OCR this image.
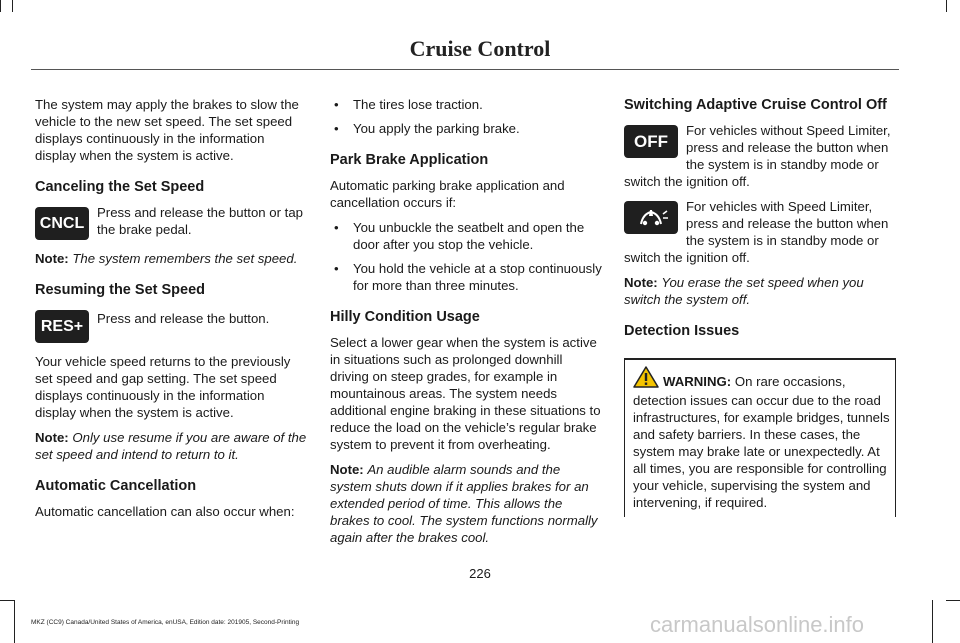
Cruise Control

The system may apply the brakes to slow the vehicle to the new set speed. The set speed displays continuously in the information display when the system is active.

Canceling the Set Speed
CNCL

Press and release the button or tap the brake pedal.

Note: The system remembers the set speed.

Resuming the Set Speed
RES+	Press and release the button.

Your vehicle speed returns to the previously set speed and gap setting. The set speed displays continuously in the information display when the system is active.

Note: Only use resume if you are aware of the set speed and intend to return to it.

Automatic Cancellation

Automatic cancellation can also occur when:

• The tires lose traction.
• You apply the parking brake.
Park Brake Application

Automatic parking brake application and cancellation occurs if:

• You unbuckle the seatbelt and open the door after you stop the vehicle.
• You hold the vehicle at a stop continuously for more than three minutes.
Hilly Condition Usage

Select a lower gear when the system is active in situations such as prolonged downhill driving on steep grades, for example in mountainous areas. The system needs additional engine braking in these situations to reduce the load on the vehicle’s regular brake system to prevent it from overheating.

Note: An audible alarm sounds and the system shuts down if it applies brakes for an extended period of time. This allows the brakes to cool. The system functions normally again after the brakes cool.

Switching Adaptive Cruise Control Off
OFF

For vehicles without Speed Limiter, press and release the button when the system is in standby mode or switch the ignition off.

For vehicles with Speed Limiter, press and release the button when the system is in standby mode or switch the ignition off.

Note: You erase the set speed when you switch the system off.

Detection Issues

WARNING: On rare occasions, detection issues can occur due to the road infrastructures, for example bridges, tunnels and safety barriers. In these cases, the system may brake late or unexpectedly. At all times, you are responsible for controlling your vehicle, supervising the system and intervening, if required.

226
MKZ (CC9) Canada/United States of America, enUSA, Edition date: 201905, Second-Printing	carmanualsonline.info
